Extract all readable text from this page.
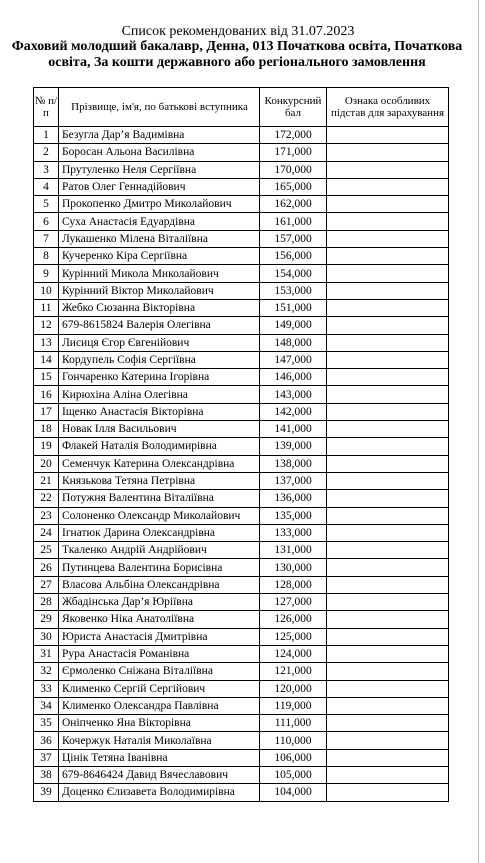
Список рекомендованих від 31.07.2023
Фаховий молодший бакалавр, Денна, 013 Початкова освіта, Початкова освіта, За кошти державного або регіонального замовлення
№ п/п	Прізвище, ім'я, по батькові вступника	Конкурсний бал	Ознака особливих підстав для зарахування
1	Безугла Дар’я Вадимівна	172,000	
2	Боросан Альона Василівна	171,000	
3	Прутуленко Неля Сергіївна	170,000	
4	Ратов Олег Геннадійович	165,000	
5	Прокопенко Дмитро Миколайович	162,000	
6	Суха Анастасія Едуардівна	161,000	
7	Лукашенко Мілена Віталіївна	157,000	
8	Кучеренко Кіра Сергіївна	156,000	
9	Курінний Микола Миколайович	154,000	
10	Курінний Віктор Миколайович	153,000	
11	Жебко Сюзанна Вікторівна	151,000	
12	679-8615824 Валерія Олегівна	149,000	
13	Лисиця Єгор Євгенійович	148,000	
14	Кордупель Софія Сергіївна	147,000	
15	Гончаренко Катерина Ігорівна	146,000	
16	Кирюхіна Аліна Олегівна	143,000	
17	Іщенко Анастасія Вікторівна	142,000	
18	Новак Ілля Васильович	141,000	
19	Флакей Наталія Володимирівна	139,000	
20	Семенчук Катерина Олександрівна	138,000	
21	Князькова Тетяна Петрівна	137,000	
22	Потужня Валентина Віталіївна	136,000	
23	Солоненко Олександр Миколайович	135,000	
24	Ігнатюк Дарина Олександрівна	133,000	
25	Ткаленко Андрій Андрійович	131,000	
26	Путинцева Валентина Борисівна	130,000	
27	Власова Альбіна Олександрівна	128,000	
28	Жбадінська Дар’я Юріївна	127,000	
29	Яковенко Ніка Анатоліївна	126,000	
30	Юриста Анастасія Дмитрівна	125,000	
31	Рура Анастасія Романівна	124,000	
32	Єрмоленко Сніжана Віталіївна	121,000	
33	Клименко Сергій Сергійович	120,000	
34	Клименко Олександра Павлівна	119,000	
35	Оніпченко Яна Вікторівна	111,000	
36	Кочержук Наталія Миколаївна	110,000	
37	Цінік Тетяна Іванівна	106,000	
38	679-8646424 Давид Вячеславович	105,000	
39	Доценко Єлизавета Володимирівна	104,000	
